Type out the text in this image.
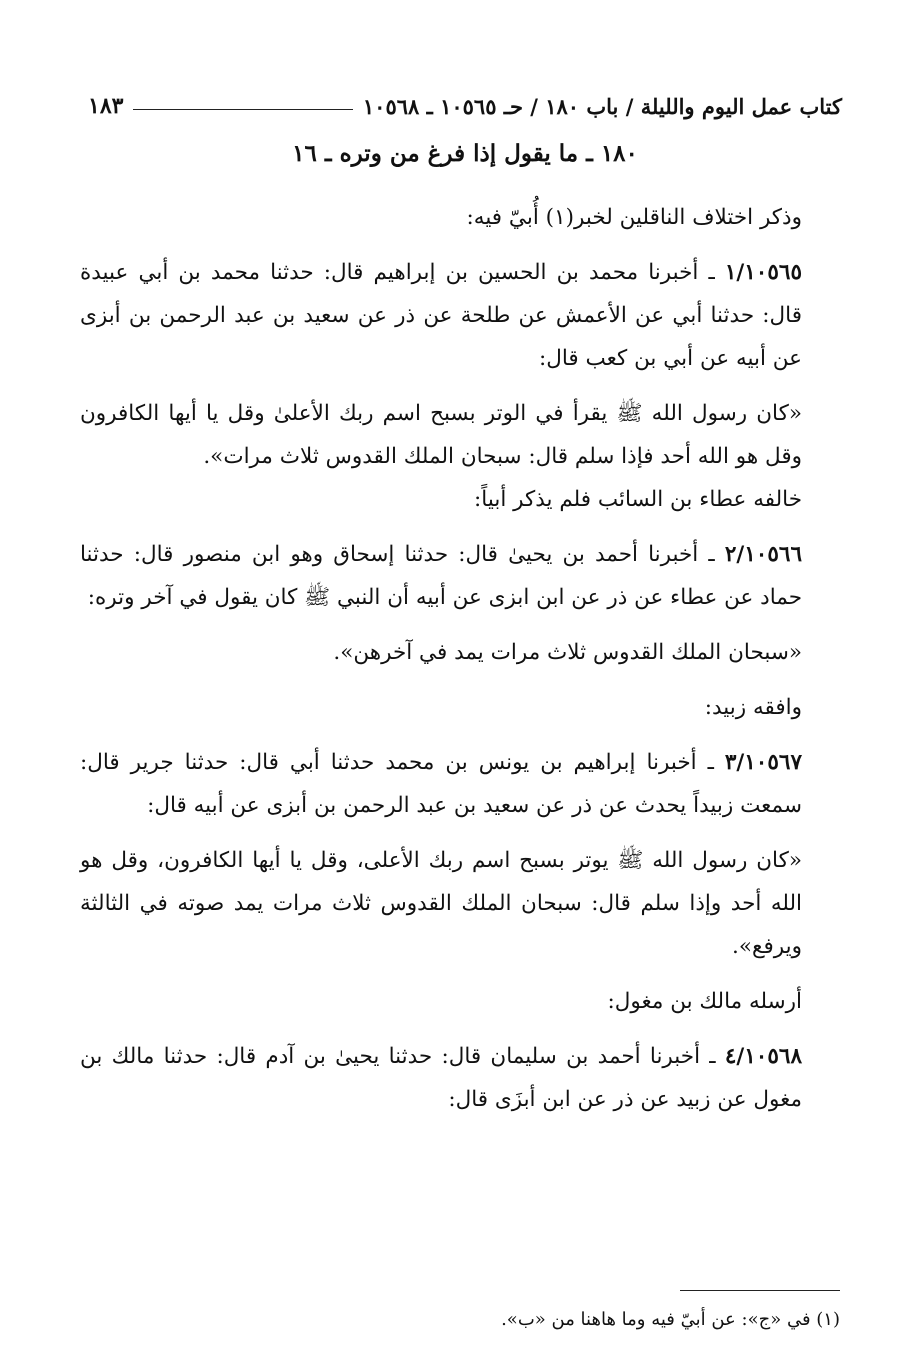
كتاب عمل اليوم والليلة / باب ١٨٠ / حـ ١٠٥٦٥ ـ ١٠٥٦٨
١٨٣
١٨٠ ـ ما يقول إذا فرغ من وتره ـ ١٦

وذكر اختلاف الناقلين لخبر(١) أُبيّ فيه:

١/١٠٥٦٥ ـ أخبرنا محمد بن الحسين بن إبراهيم قال: حدثنا محمد بن أبي عبيدة قال: حدثنا أبي عن الأعمش عن طلحة عن ذر عن سعيد بن عبد الرحمن بن أبزى عن أبيه عن أبي بن كعب قال:

«كان رسول الله ﷺ يقرأ في الوتر بسبح اسم ربك الأعلىٰ وقل يا أيها الكافرون وقل هو الله أحد فإذا سلم قال: سبحان الملك القدوس ثلاث مرات».

خالفه عطاء بن السائب فلم يذكر أبياً:

٢/١٠٥٦٦ ـ أخبرنا أحمد بن يحيىٰ قال: حدثنا إسحاق وهو ابن منصور قال: حدثنا حماد عن عطاء عن ذر عن ابن ابزى عن أبيه أن النبي ﷺ كان يقول في آخر وتره:

«سبحان الملك القدوس ثلاث مرات يمد في آخرهن».

وافقه زبيد:

٣/١٠٥٦٧ ـ أخبرنا إبراهيم بن يونس بن محمد حدثنا أبي قال: حدثنا جرير قال: سمعت زبيداً يحدث عن ذر عن سعيد بن عبد الرحمن بن أبزى عن أبيه قال:

«كان رسول الله ﷺ يوتر بسبح اسم ربك الأعلى، وقل يا أيها الكافرون، وقل هو الله أحد وإذا سلم قال: سبحان الملك القدوس ثلاث مرات يمد صوته في الثالثة ويرفع».

أرسله مالك بن مغول:

٤/١٠٥٦٨ ـ أخبرنا أحمد بن سليمان قال: حدثنا يحيىٰ بن آدم قال: حدثنا مالك بن مغول عن زبيد عن ذر عن ابن أبزَى قال:

(١) في «ج»: عن أبيّ فيه وما هاهنا من «ب».
